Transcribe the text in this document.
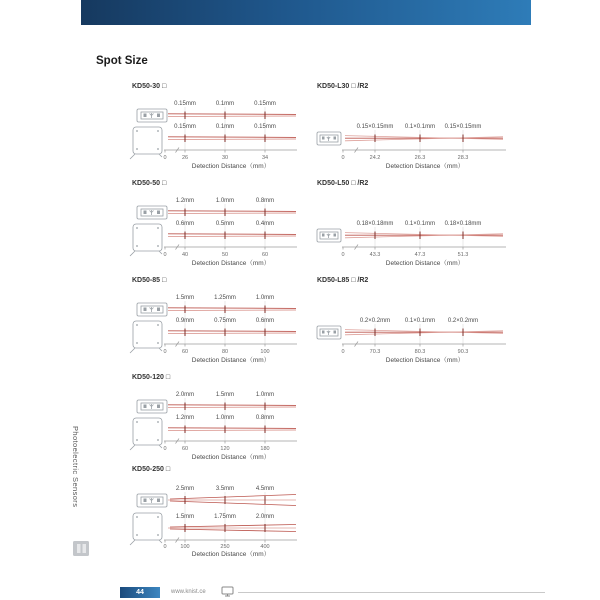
Spot Size
KD50-30 □
0.15mm	0.1mm	0.15mm
0.15mm	0.1mm	0.15mm
0	26	30	34
Detection Distance（mm）
KD50-50 □
1.2mm	1.0mm	0.8mm
0.6mm	0.5mm	0.4mm
0	40	50	60
Detection Distance（mm）
KD50-85 □
1.5mm	1.25mm	1.0mm
0.9mm	0.75mm	0.6mm
0	60	80	100
Detection Distance（mm）
KD50-120 □
2.0mm	1.5mm	1.0mm
1.2mm	1.0mm	0.8mm
0	60	120	180
Detection Distance（mm）
KD50-250 □
2.5mm	3.5mm	4.5mm
1.5mm	1.75mm	2.0mm
0	100	250	400
Detection Distance（mm）
KD50-L30 □ /R2
0.15×0.15mm 0.1×0.1mm 0.15×0.15mm
0	24.2	26.3	28.3
Detection Distance（mm）
KD50-L50 □ /R2
0.18×0.18mm 0.1×0.1mm 0.18×0.18mm
0	43.3	47.3	51.3
Detection Distance（mm）
KD50-L85 □ /R2
0.2×0.2mm 0.1×0.1mm 0.2×0.2mm
0	70.3	80.3	90.3
Detection Distance（mm）
Photoelectric Sensors
44	www.knist.ce
